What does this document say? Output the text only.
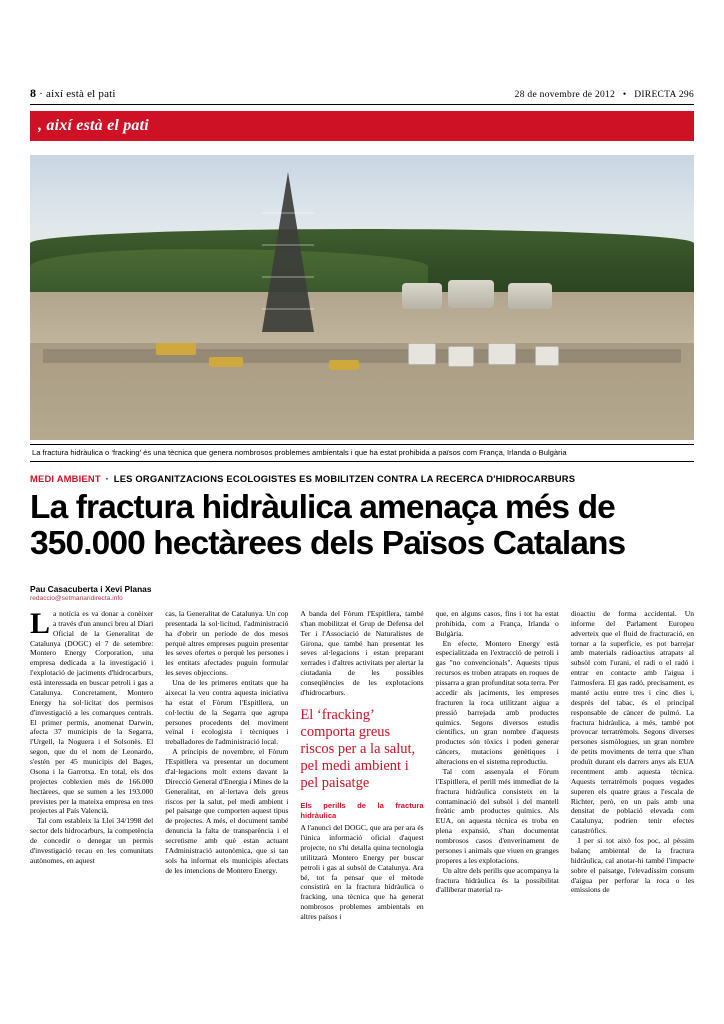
8 · així està el pati	28 de novembre de 2012 • DIRECTA 296
, així està el pati
La fractura hidràulica o ‘fracking’ és una tècnica que genera nombrosos problemes ambientals i que ha estat prohibida a països com França, Irlanda o Bulgària
MEDI AMBIENT · LES ORGANITZACIONS ECOLOGISTES ES MOBILITZEN CONTRA LA RECERCA D'HIDROCARBURS
La fractura hidràulica amenaça més de 350.000 hectàrees dels Països Catalans
Pau Casacuberta i Xevi Planas
redaccio@setmanaridirecta.info

La notícia es va donar a conèixer a través d'un anunci breu al Diari Oficial de la Generalitat de Catalunya (DOGC) el 7 de setembre: Montero Energy Corporation, una empresa dedicada a la investigació i l'explotació de jaciments d'hidrocarburs, està interessada en buscar petroli i gas a Catalunya. Concretament, Montero Energy ha sol·licitat dos permisos d'investigació a les comarques centrals. El primer permís, anomenat Darwin, afecta 37 municipis de la Segarra, l'Urgell, la Noguera i el Solsonès. El segon, que du el nom de Leonardo, s'estén per 45 municipis del Bages, Osona i la Garrotxa. En total, els dos projectes coblexien més de 166.000 hectàrees, que se sumen a les 193.000 previstes per la mateixa empresa en tres projectes al País Valencià.

Tal com estableix la Llei 34/1998 del sector dels hidrocarburs, la competència de concedir o denegar un permís d'investigació recau en les comunitats autònomes, en aquest

cas, la Generalitat de Catalunya. Un cop presentada la sol·licitud, l'administració ha d'obrir un període de dos mesos perquè altres empreses puguin presentar les seves ofertes o perquè les persones i les entitats afectades puguin formular les seves objeccions.

Una de les primeres entitats que ha aixecat la veu contra aquesta iniciativa ha estat el Fòrum l'Espitllera, un col·lectiu de la Segarra que agrupa persones procedents del moviment veïnal i ecologista i tècniques i treballadores de l'administració local.

A principis de novembre, el Fòrum l'Espitllera va presentar un document d'al·legacions molt extens davant la Direcció General d'Energia i Mines de la Generalitat, en al·lertava dels greus riscos per la salut, pel medi ambient i pel paisatge que comporten aquest tipus de projectes. A més, el document també denuncia la falta de transparència i el secretisme amb què estan actuant l'Administració autonòmica, que si tan sols ha informat els municipis afectats de les intencions de Montero Energy.

A banda del Fòrum l'Espitllera, també s'han mobilitzat el Grup de Defensa del Ter i l'Associació de Naturalistes de Girona, que també han presentat les seves al·legacions i estan preparant xerrades i d'altres activitats per alertar la ciutadania de les possibles conseqüències de les explotacions d'hidrocarburs.

El ‘fracking’ comporta greus riscos per a la salut, pel medi ambient i pel paisatge
Els perills de la fractura hidràulica

A l'anunci del DOGC, que ara per ara és l'única informació oficial d'aquest projecte, no s'hi detalla quina tecnologia utilitzarà Montero Energy per buscar petroli i gas al subsòl de Catalunya. Ara bé, tot fa pensar que el mètode consistirà en la fractura hidràulica o fracking, una tècnica que ha generat nombrosos problemes ambientals en altres països i

que, en alguns casos, fins i tot ha estat prohibida, com a França, Irlanda o Bulgària.

En efecte, Montero Energy està especialitzada en l'extracció de petroli i gas "no convencionals". Aquests tipus recursos es troben atrapats en roques de pissarra a gran profunditat sota terra. Per accedir als jaciments, les empreses fracturen la roca utilitzant aigua a pressió barrejada amb productes químics. Segons diversos estudis científics, un gran nombre d'aquests productes són tòxics i poden generar càncers, mutacions genètiques i alteracions en el sistema reproductiu.

Tal com assenyala el Fòrum l'Espitllera, el perill més immediat de la fractura hidràulica consisteix en la contaminació del subsòl i del mantell freàtic amb productes químics. Als EUA, on aquesta tècnica es troba en plena expansió, s'han documentat nombrosos casos d'enverinament de persones i animals que viuen en granges properes a les explotacions.

Un altre dels perills que acompanya la fractura hidràulica és la possibilitat d'alliberar material ra-

dioactiu de forma accidental. Un informe del Parlament Europeu adverteix que el fluid de fracturació, en tornar a la superfície, es pot barrejar amb materials radioactius atrapats al subsòl com l'urani, el radi o el radó i entrar en contacte amb l'aigua i l'atmosfera. El gas radó, precisament, es manté actiu entre tres i cinc dies i, després del tabac, és el principal responsable de càncer de pulmó. La fractura hidràulica, a més, també pot provocar terratrèmols. Segons diverses persones sismòlogues, un gran nombre de petits moviments de terra que s'han produït durant els darrers anys als EUA recentment amb aquesta tècnica. Aquests terratrèmols poques vegades superen els quatre graus a l'escala de Richter, però, en un país amb una densitat de població elevada com Catalunya, podrien tenir efectes catastròfics.

I per si tot això fos poc, al pèssim balanç ambiental de la fractura hidràulica, cal anotar-hi també l'impacte sobre el paisatge, l'elevadíssim consum d'aigua per perforar la roca o les emissions de
